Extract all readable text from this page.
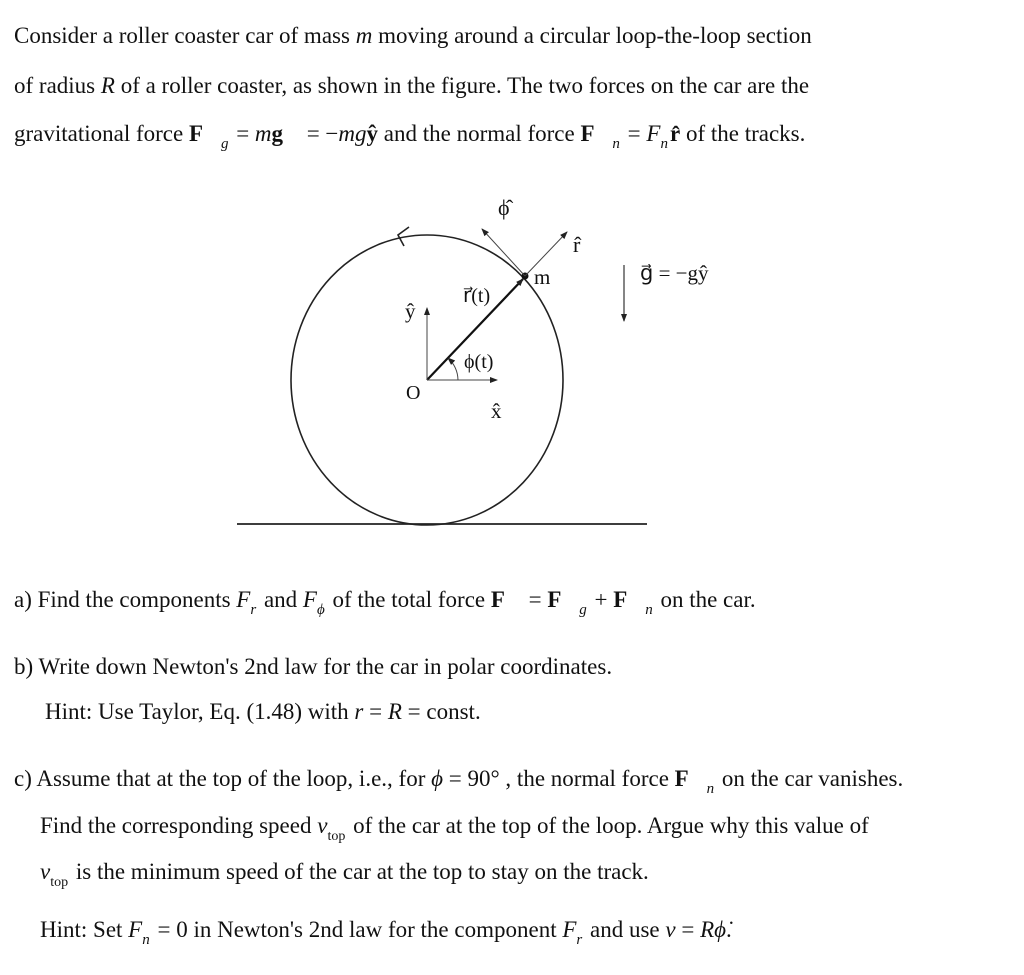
Consider a roller coaster car of mass m moving around a circular loop-the-loop section
of radius R of a roller coaster, as shown in the figure. The two forces on the car are the
gravitational force $F⃗_g$ = mg⃗ = −mgŷ and the normal force $F⃗_n$ = $F_nr̂$ of the tracks.
ϕ̂
r̂
m	g⃗ = −gŷ
r⃗(t)
ŷ
ϕ(t)
O
x̂
a) Find the components $F_r$ and $F_\phi$ of the total force F⃗ = $F⃗_g$ + $F⃗_n$ on the car.
b) Write down Newton's 2nd law for the car in polar coordinates.
Hint: Use Taylor, Eq. (1.48) with r = R = const.
c) Assume that at the top of the loop, i.e., for ϕ = 90° , the normal force $F⃗_n$ on the car vanishes.
Find the corresponding speed $v_{top}$ of the car at the top of the loop. Argue why this value of
$v_{top}$ is the minimum speed of the car at the top to stay on the track.
Hint: Set $F_n = 0$ in Newton's 2nd law for the component $F_r$ and use v = Rϕ̇.
